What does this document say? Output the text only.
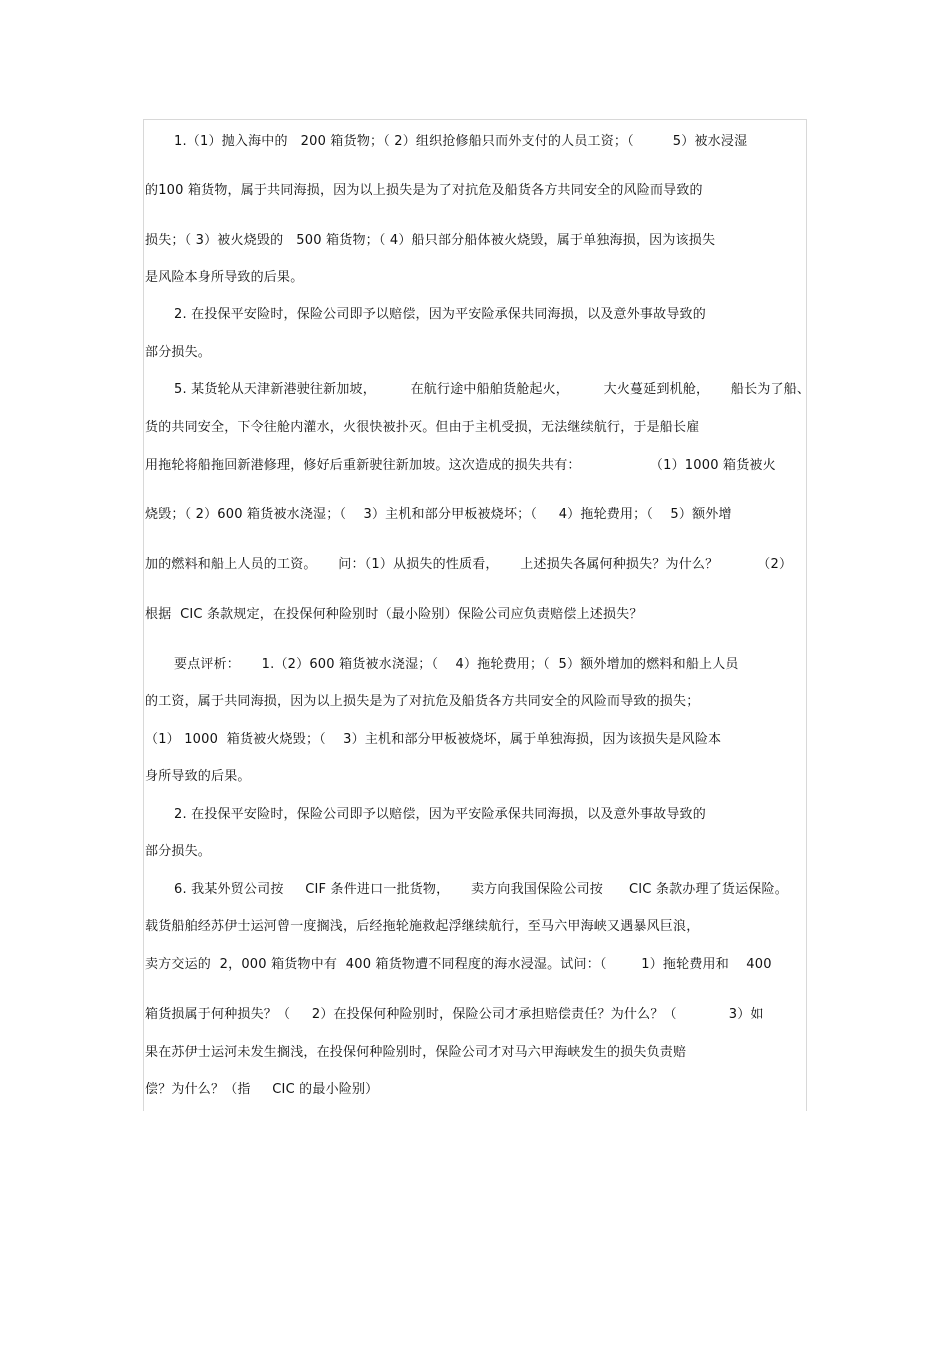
1.（1）抛入海中的   200 箱货物；（ 2）组织抢修船只而外支付的人员工资；（         5）被水浸湿
的100 箱货物，属于共同海损，因为以上损失是为了对抗危及船货各方共同安全的风险而导致的
损失；（ 3）被火烧毁的   500 箱货物；（ 4）船只部分船体被火烧毁，属于单独海损，因为该损失
是风险本身所导致的后果。
2. 在投保平安险时，保险公司即予以赔偿，因为平安险承保共同海损，以及意外事故导致的
部分损失。
5. 某货轮从天津新港驶往新加坡，        在航行途中船舶货舱起火，        大火蔓延到机舱，     船长为了船、
货的共同安全，下令往舱内灌水，火很快被扑灭。但由于主机受损，无法继续航行，于是船长雇
用拖轮将船拖回新港修理，修好后重新驶往新加坡。这次造成的损失共有：                （1）1000 箱货被火
烧毁；（ 2）600 箱货被水浇湿；（    3）主机和部分甲板被烧坏；（     4）拖轮费用；（    5）额外增
加的燃料和船上人员的工资。     问：（1）从损失的性质看，     上述损失各属何种损失？为什么？         （2）
根据  CIC 条款规定，在投保何种险别时（最小险别）保险公司应负责赔偿上述损失？
要点评析：     1.（2）600 箱货被水浇湿；（    4）拖轮费用；（  5）额外增加的燃料和船上人员
的工资，属于共同海损，因为以上损失是为了对抗危及船货各方共同安全的风险而导致的损失；
（1） 1000  箱货被火烧毁；（    3）主机和部分甲板被烧坏，属于单独海损，因为该损失是风险本
身所导致的后果。
2. 在投保平安险时，保险公司即予以赔偿，因为平安险承保共同海损，以及意外事故导致的
部分损失。
6. 我某外贸公司按     CIF 条件进口一批货物，     卖方向我国保险公司按      CIC 条款办理了货运保险。
载货船舶经苏伊士运河曾一度搁浅，后经拖轮施救起浮继续航行，至马六甲海峡又遇暴风巨浪，
卖方交运的  2，000 箱货物中有  400 箱货物遭不同程度的海水浸湿。试问：（        1）拖轮费用和    400
箱货损属于何种损失？（     2）在投保何种险别时，保险公司才承担赔偿责任？为什么？（            3）如
果在苏伊士运河未发生搁浅，在投保何种险别时，保险公司才对马六甲海峡发生的损失负责赔
偿？为什么？（指     CIC 的最小险别）
